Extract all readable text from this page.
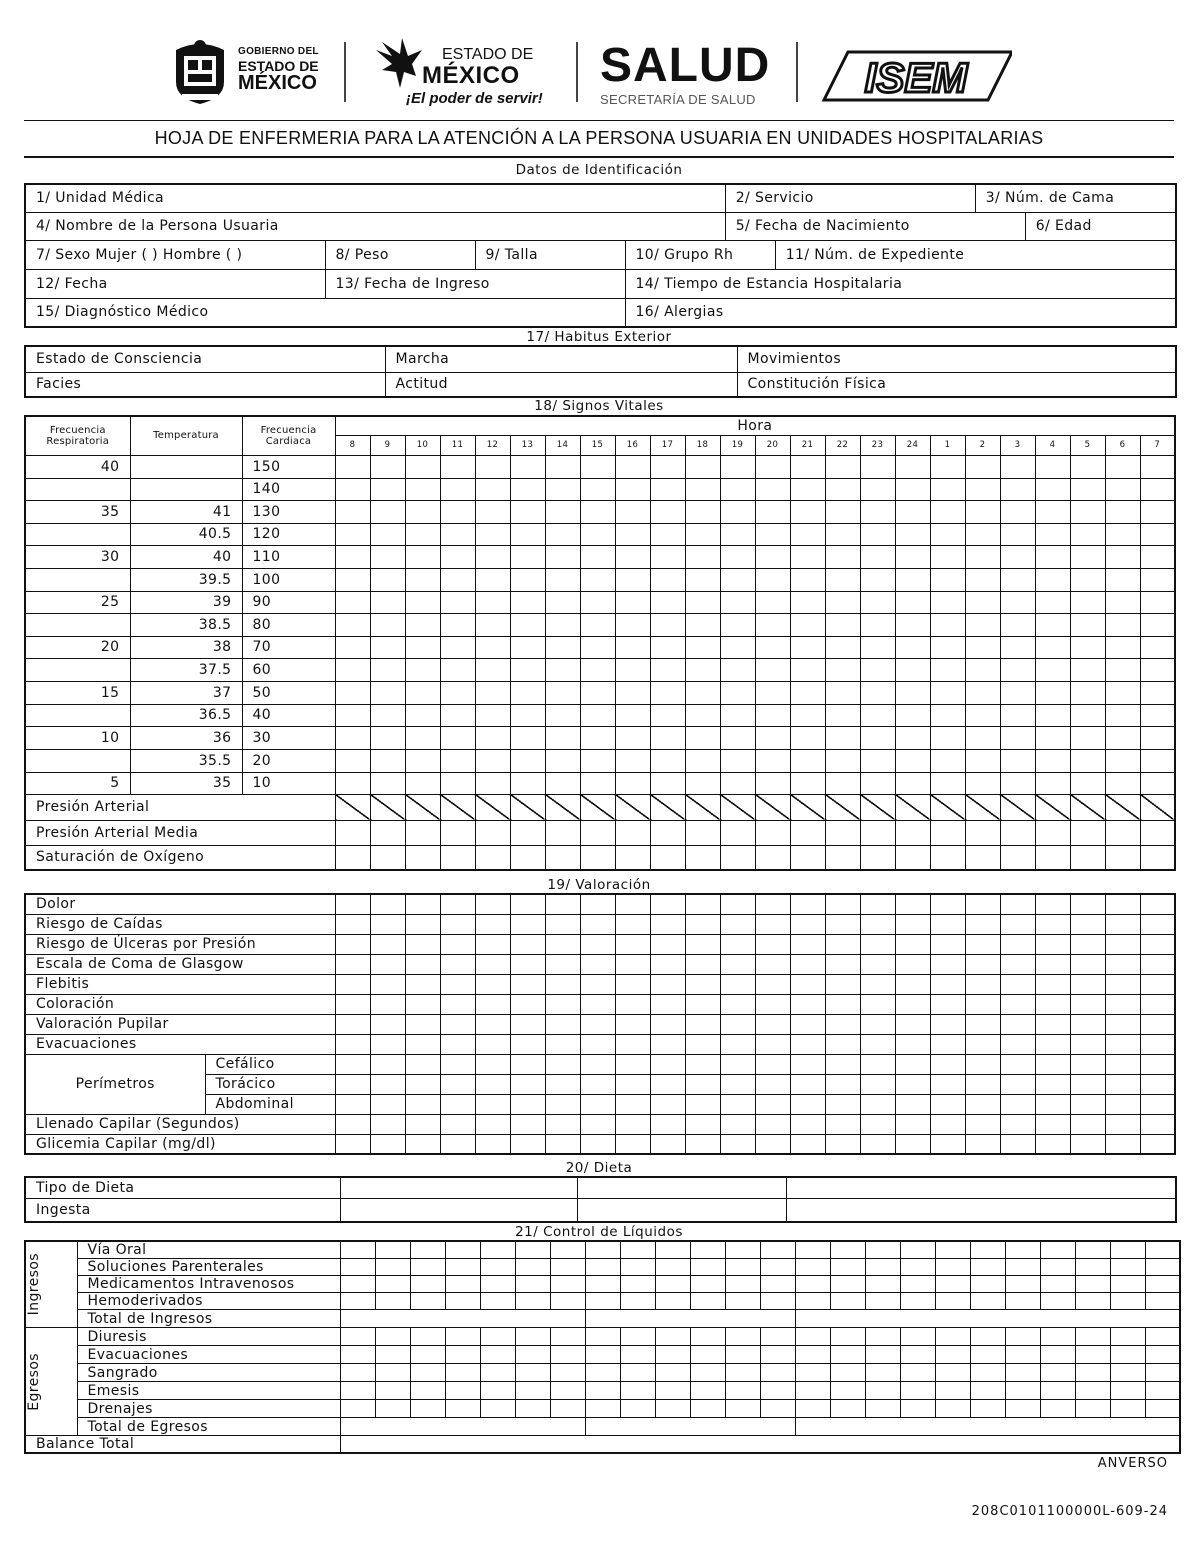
GOBIERNO DEL
ESTADO DE
MÉXICO
ESTADO DE
MÉXICO
¡El poder de servir!
SALUD
SECRETARÍA DE SALUD	ISEM
HOJA DE ENFERMERIA PARA LA ATENCIÓN A LA PERSONA USUARIA EN UNIDADES HOSPITALARIAS
Datos de Identificación
1/ Unidad Médica				2/ Servicio		3/ Núm. de Cama	
4/ Nombre de la Persona Usuaria				5/ Fecha de Nacimiento			6/ Edad
7/ Sexo Mujer ( ) Hombre ( )	8/ Peso	9/ Talla	10/ Grupo Rh		11/ Núm. de Expediente		
12/ Fecha	13/ Fecha de Ingreso		14/ Tiempo de Estancia Hospitalaria				
15/ Diagnóstico Médico			16/ Alergias				
17/ Habitus Exterior
Estado de Consciencia	Marcha	Movimientos
Facies	Actitud	Constitución Física
18/ Signos Vitales
Frecuencia Respiratoria	Temperatura	Frecuencia Cardiaca	Hora																							
			8	9	10	11	12	13	14	15	16	17	18	19	20	21	22	23	24	1	2	3	4	5	6	7
40		150																								
		140																								
35	41	130																								
	40.5	120																								
30	40	110																								
	39.5	100																								
25	39	90																								
	38.5	80																								
20	38	70																								
	37.5	60																								
15	37	50																								
	36.5	40																								
10	36	30																								
	35.5	20																								
5	35	10																								
Presión Arterial																										
Presión Arterial Media																										
Saturación de Oxígeno																										
19/ Valoración
Dolor																									
Riesgo de Caídas																									
Riesgo de Úlceras por Presión																									
Escala de Coma de Glasgow																									
Flebitis																									
Coloración																									
Valoración Pupilar																									
Evacuaciones																									
Perímetros	Cefálico																								
	Torácico																								
	Abdominal																								
Llenado Capilar (Segundos)																									
Glicemia Capilar (mg/dl)																									
20/ Dieta
Tipo de Dieta			
Ingesta			
21/ Control de Líquidos
Ingresos	Vía Oral																								
	Soluciones Parenterales																								
	Medicamentos Intravenosos																								
	Hemoderivados																								
	Total de Ingresos																								

Egresos	Diuresis																								
	Evacuaciones																								
	Sangrado																								
	Emesis																								
	Drenajes																								
	Total de Egresos																								
Balance Total																									
ANVERSO
208C0101100000L-609-24
